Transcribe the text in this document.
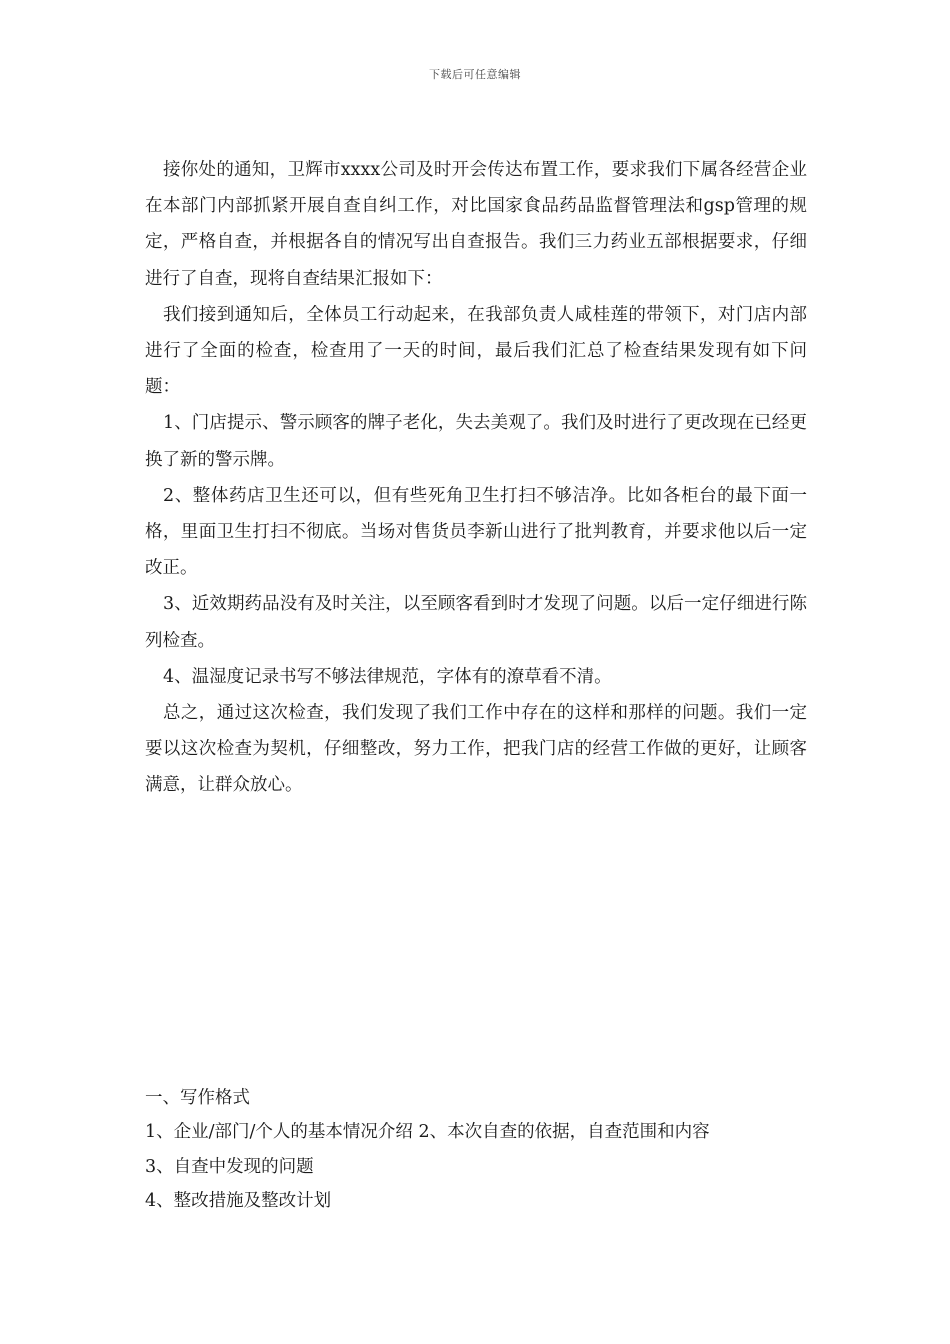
下载后可任意编辑

接你处的通知，卫辉市xxxx公司及时开会传达布置工作，要求我们下属各经营企业在本部门内部抓紧开展自查自纠工作，对比国家食品药品监督管理法和gsp管理的规定，严格自查，并根据各自的情况写出自查报告。我们三力药业五部根据要求，仔细进行了自查，现将自查结果汇报如下：

我们接到通知后，全体员工行动起来，在我部负责人咸桂莲的带领下，对门店内部进行了全面的检查，检查用了一天的时间，最后我们汇总了检查结果发现有如下问题：

1、门店提示、警示顾客的牌子老化，失去美观了。我们及时进行了更改现在已经更换了新的警示牌。

2、整体药店卫生还可以，但有些死角卫生打扫不够洁净。比如各柜台的最下面一格，里面卫生打扫不彻底。当场对售货员李新山进行了批判教育，并要求他以后一定改正。

3、近效期药品没有及时关注，以至顾客看到时才发现了问题。以后一定仔细进行陈列检查。

4、温湿度记录书写不够法律规范，字体有的潦草看不清。

总之，通过这次检查，我们发现了我们工作中存在的这样和那样的问题。我们一定要以这次检查为契机，仔细整改，努力工作，把我门店的经营工作做的更好，让顾客满意，让群众放心。

一、写作格式

1、企业/部门/个人的基本情况介绍 2、本次自查的依据，自查范围和内容

3、自查中发现的问题

4、整改措施及整改计划
